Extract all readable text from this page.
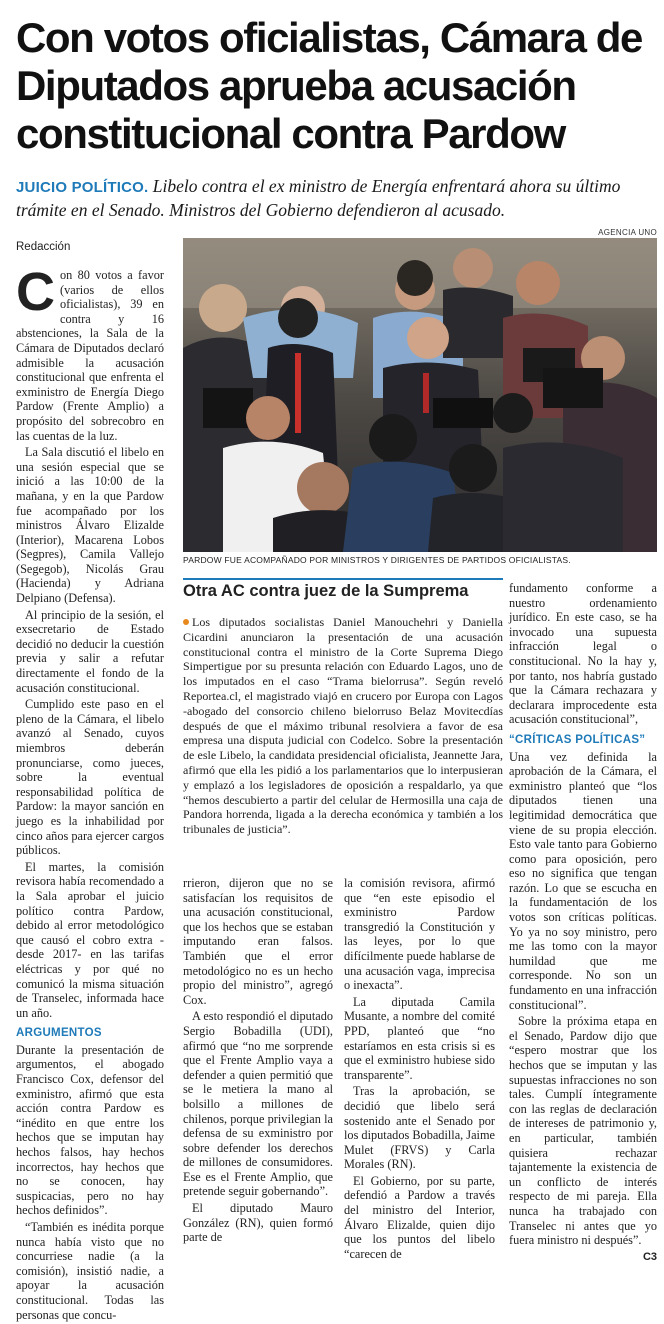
Con votos oficialistas, Cámara de Diputados aprueba acusación constitucional contra Pardow
JUICIO POLÍTICO. Libelo contra el ex ministro de Energía enfrentará ahora su último trámite en el Senado. Ministros del Gobierno defendieron al acusado.
Redacción
AGENCIA UNO
PARDOW FUE ACOMPAÑADO POR MINISTROS Y DIRIGENTES DE PARTIDOS OFICIALISTAS.

Con 80 votos a favor (varios de ellos oficialistas), 39 en contra y 16 abstenciones, la Sala de la Cámara de Diputados declaró admisible la acusación constitucional que enfrenta el exministro de Energía Diego Pardow (Frente Amplio) a propósito del sobrecobro en las cuentas de la luz.

La Sala discutió el libelo en una sesión especial que se inició a las 10:00 de la mañana, y en la que Pardow fue acompañado por los ministros Álvaro Elizalde (Interior), Macarena Lobos (Segpres), Camila Vallejo (Segegob), Nicolás Grau (Hacienda) y Adriana Delpiano (Defensa).

Al principio de la sesión, el exsecretario de Estado decidió no deducir la cuestión previa y salir a refutar directamente el fondo de la acusación constitucional.

Cumplido este paso en el pleno de la Cámara, el libelo avanzó al Senado, cuyos miembros deberán pronunciarse, como jueces, sobre la eventual responsabilidad política de Pardow: la mayor sanción en juego es la inhabilidad por cinco años para ejercer cargos públicos.

El martes, la comisión revisora había recomendado a la Sala aprobar el juicio político contra Pardow, debido al error metodológico que causó el cobro extra -desde 2017- en las tarifas eléctricas y por qué no comunicó la misma situación de Transelec, informada hace un año.

ARGUMENTOS

Durante la presentación de argumentos, el abogado Francisco Cox, defensor del exministro, afirmó que esta acción contra Pardow es “inédito en que entre los hechos que se imputan hay hechos falsos, hay hechos incorrectos, hay hechos que no se conocen, hay suspicacias, pero no hay hechos definidos”.

“También es inédita porque nunca había visto que no concurriese nadie (a la comisión), insistió nadie, a apoyar la acusación constitucional. Todas las personas que concu-

Otra AC contra juez de la Sumprema
Los diputados socialistas Daniel Manouchehri y Daniella Cicardini anunciaron la presentación de una acusación constitucional contra el ministro de la Corte Suprema Diego Simpertigue por su presunta relación con Eduardo Lagos, uno de los imputados en el caso “Trama bielorrusa”. Según reveló Reportea.cl, el magistrado viajó en crucero por Europa con Lagos -abogado del consorcio chileno bielorruso Belaz Movitecdías después de que el máximo tribunal resolviera a favor de esa empresa una disputa judicial con Codelco. Sobre la presentación de esle Libelo, la candidata presidencial oficialista, Jeannette Jara, afirmó que ella les pidió a los parlamentarios que lo interpusieran y emplazó a los legisladores de oposición a respaldarlo, ya que “hemos descubierto a partir del celular de Hermosilla una caja de Pandora horrenda, ligada a la derecha económica y también a los tribunales de justicia”.

rrieron, dijeron que no se satisfacían los requisitos de una acusación constitucional, que los hechos que se estaban imputando eran falsos. También que el error metodológico no es un hecho propio del ministro”, agregó Cox.

A esto respondió el diputado Sergio Bobadilla (UDI), afirmó que “no me sorprende que el Frente Amplio vaya a defender a quien permitió que se le metiera la mano al bolsillo a millones de chilenos, porque privilegian la defensa de su exministro por sobre defender los derechos de millones de consumidores. Ese es el Frente Amplio, que pretende seguir gobernando”.

El diputado Mauro González (RN), quien formó parte de

la comisión revisora, afirmó que “en este episodio el exministro Pardow transgredió la Constitución y las leyes, por lo que difícilmente puede hablarse de una acusación vaga, imprecisa o inexacta”.

La diputada Camila Musante, a nombre del comité PPD, planteó que “no estaríamos en esta crisis si es que el exministro hubiese sido transparente”.

Tras la aprobación, se decidió que libelo será sostenido ante el Senado por los diputados Bobadilla, Jaime Mulet (FRVS) y Carla Morales (RN).

El Gobierno, por su parte, defendió a Pardow a través del ministro del Interior, Álvaro Elizalde, quien dijo que los puntos del libelo “carecen de

fundamento conforme a nuestro ordenamiento jurídico. En este caso, se ha invocado una supuesta infracción legal o constitucional. No la hay y, por tanto, nos habría gustado que la Cámara rechazara y declarara improcedente esta acusación constitucional”,

“CRÍTICAS POLÍTICAS”

Una vez definida la aprobación de la Cámara, el exministro planteó que “los diputados tienen una legitimidad democrática que viene de su propia elección. Esto vale tanto para Gobierno como para oposición, pero eso no significa que tengan razón. Lo que se escucha en la fundamentación de los votos son críticas políticas. Yo ya no soy ministro, pero me las tomo con la mayor humildad que me corresponde. No son un fundamento en una infracción constitucional”.

Sobre la próxima etapa en el Senado, Pardow dijo que “espero mostrar que los hechos que se imputan y las supuestas infracciones no son tales. Cumplí íntegramente con las reglas de declaración de intereses de patrimonio y, en particular, también quisiera rechazar tajantemente la existencia de un conflicto de interés respecto de mi pareja. Ella nunca ha trabajado con Transelec ni antes que yo fuera ministro ni después”.

C3
